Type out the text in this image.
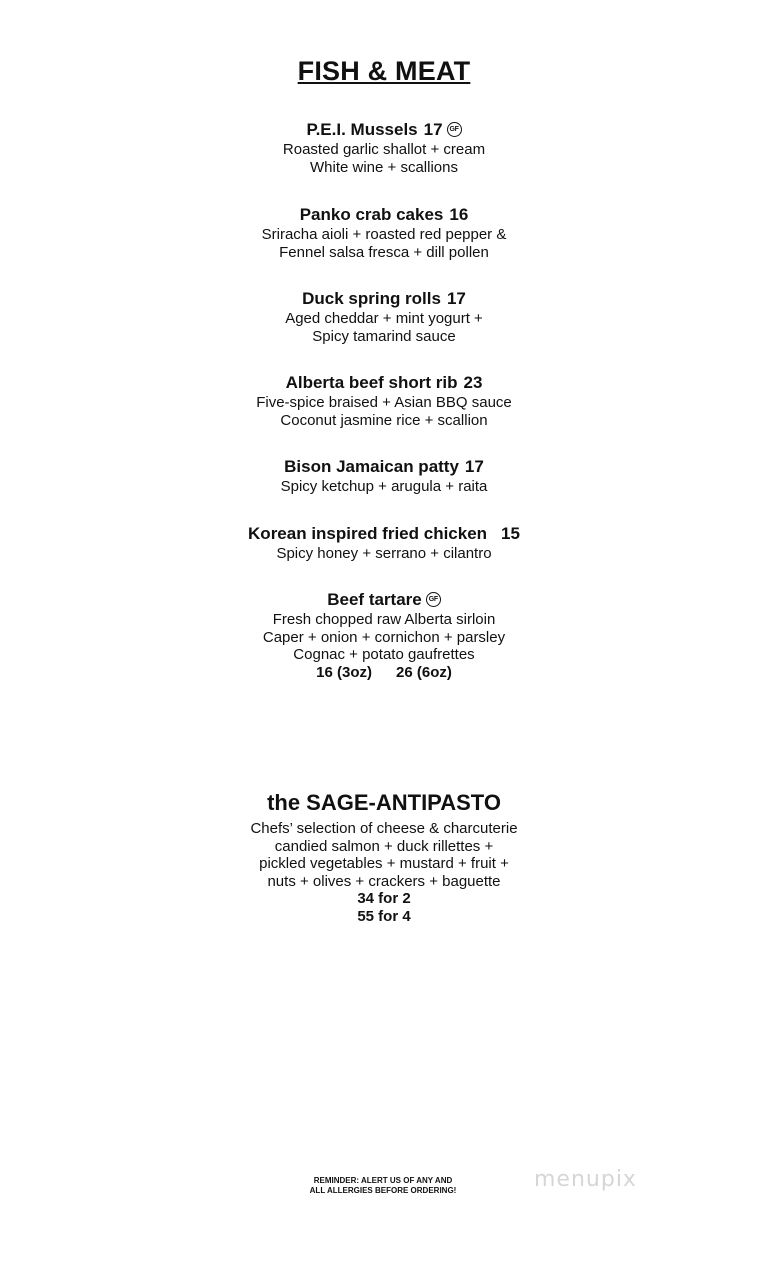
FISH & MEAT
P.E.I. Mussels 17 GF
Roasted garlic shallot + cream
White wine + scallions
Panko crab cakes 16
Sriracha aioli + roasted red pepper &
Fennel salsa fresca + dill pollen
Duck spring rolls 17
Aged cheddar + mint yogurt +
Spicy tamarind sauce
Alberta beef short rib 23
Five-spice braised + Asian BBQ sauce
Coconut jasmine rice + scallion
Bison Jamaican patty 17
Spicy ketchup + arugula + raita
Korean inspired fried chicken 15
Spicy honey + serrano + cilantro
Beef tartare GF
Fresh chopped raw Alberta sirloin
Caper + onion + cornichon + parsley
Cognac + potato gaufrettes
16 (3oz) 26 (6oz)
the SAGE-ANTIPASTO
Chefs’ selection of cheese & charcuterie
candied salmon + duck rillettes +
pickled vegetables + mustard + fruit +
nuts + olives + crackers + baguette
34 for 2
55 for 4
REMINDER: ALERT US OF ANY AND
ALL ALLERGIES BEFORE ORDERING!	menupix
